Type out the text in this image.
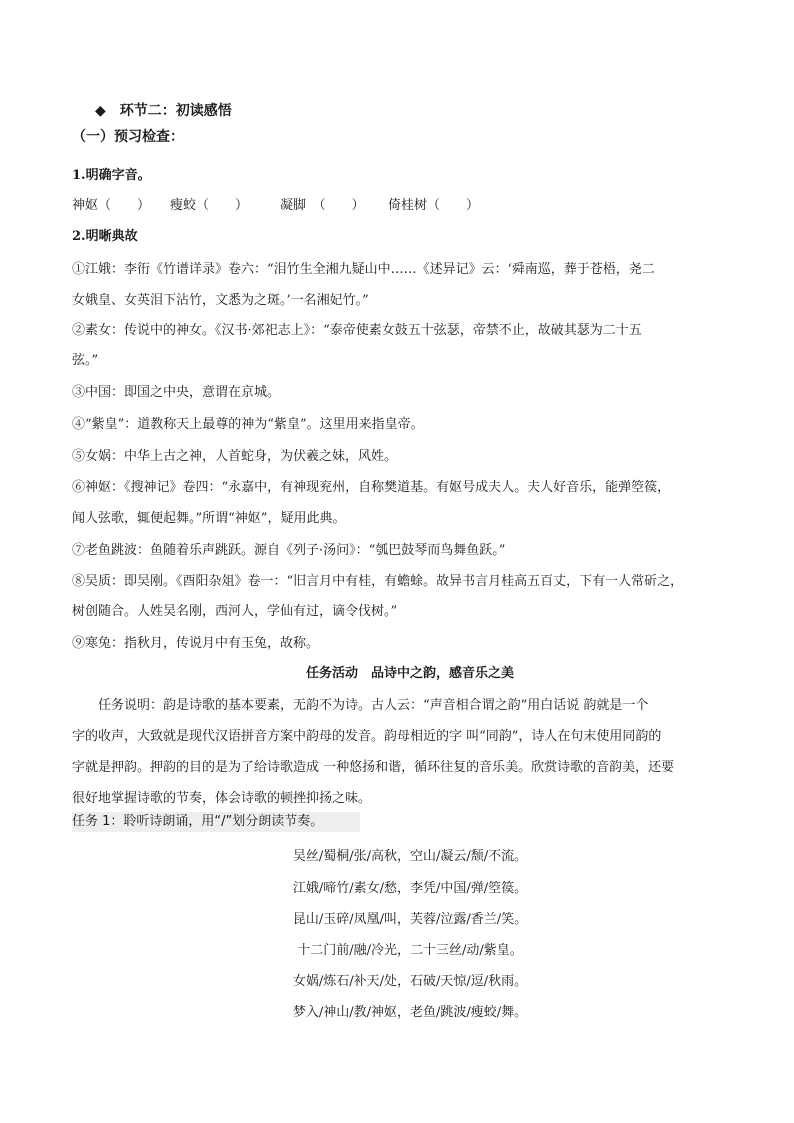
◆ 环节二：初读感悟
（一）预习检查：
1.明确字音。
神妪（　　） 瘦蛟（　　） 凝脚　（　　） 倚桂树（　　）
2.明晰典故
①江娥：李衎《竹谱详录》卷六：“泪竹生全湘九疑山中……《述异记》云：‘舜南巡，葬于苍梧，尧二
女娥皇、女英泪下沾竹，文悉为之斑。’一名湘妃竹。”
②素女：传说中的神女。《汉书·郊祀志上》：“泰帝使素女鼓五十弦瑟，帝禁不止，故破其瑟为二十五
弦。”
③中国：即国之中央，意谓在京城。
④“紫皇”：道教称天上最尊的神为“紫皇”。这里用来指皇帝。
⑤女娲：中华上古之神，人首蛇身，为伏羲之妹，风姓。
⑥神妪：《搜神记》卷四：“永嘉中，有神现兖州，自称樊道基。有妪号成夫人。夫人好音乐，能弹箜篌，
闻人弦歌，辄便起舞。”所谓“神妪”，疑用此典。
⑦老鱼跳波：鱼随着乐声跳跃。源自《列子·汤问》：“瓠巴鼓琴而鸟舞鱼跃。”
⑧吴质：即吴刚。《酉阳杂俎》卷一：“旧言月中有桂，有蟾蜍。故异书言月桂高五百丈，下有一人常斫之，
树创随合。人姓吴名刚，西河人，学仙有过，谪令伐树。”
⑨寒兔：指秋月，传说月中有玉兔，故称。
任务活动　品诗中之韵，感音乐之美
任务说明：韵是诗歌的基本要素，无韵不为诗。古人云：“声音相合谓之韵”用白话说 韵就是一个
字的收声，大致就是现代汉语拼音方案中韵母的发音。韵母相近的字 叫“同韵”，诗人在句末使用同韵的
字就是押韵。押韵的目的是为了给诗歌造成 一种悠扬和谐，循环往复的音乐美。欣赏诗歌的音韵美，还要
很好地掌握诗歌的节奏，体会诗歌的顿挫抑扬之味。
任务 1：聆听诗朗诵，用“/”划分朗读节奏。
吴丝/蜀桐/张/高秋，空山/凝云/颓/不流。
江娥/啼竹/素女/愁，李凭/中国/弹/箜篌。
昆山/玉碎/凤凰/叫，芙蓉/泣露/香兰/笑。
十二门前/融/冷光，二十三丝/动/紫皇。
女娲/炼石/补天/处，石破/天惊/逗/秋雨。
梦入/神山/教/神妪，老鱼/跳波/瘦蛟/舞。
